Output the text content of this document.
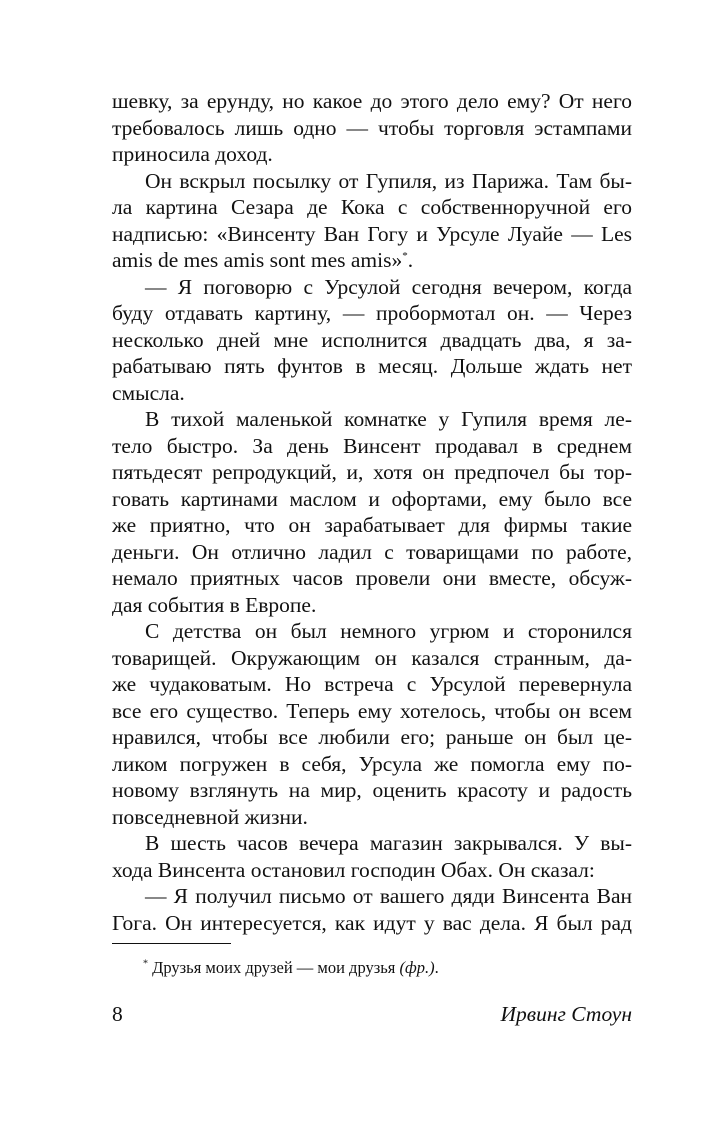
шевку, за ерунду, но какое до этого дело ему? От него
требовалось лишь одно — чтобы торговля эстампами
приносила доход.
Он вскрыл посылку от Гупиля, из Парижа. Там бы-
ла картина Сезара де Кока с собственноручной его
надписью: «Винсенту Ван Гогу и Урсуле Луайе — Les
amis de mes amis sont mes amis»*.
— Я поговорю с Урсулой сегодня вечером, когда
буду отдавать картину, — пробормотал он. — Через
несколько дней мне исполнится двадцать два, я за-
рабатываю пять фунтов в месяц. Дольше ждать нет
смысла.
В тихой маленькой комнатке у Гупиля время ле-
тело быстро. За день Винсент продавал в среднем
пятьдесят репродукций, и, хотя он предпочел бы тор-
говать картинами маслом и офортами, ему было все
же приятно, что он зарабатывает для фирмы такие
деньги. Он отлично ладил с товарищами по работе,
немало приятных часов провели они вместе, обсуж-
дая события в Европе.
С детства он был немного угрюм и сторонился
товарищей. Окружающим он казался странным, да-
же чудаковатым. Но встреча с Урсулой перевернула
все его существо. Теперь ему хотелось, чтобы он всем
нравился, чтобы все любили его; раньше он был це-
ликом погружен в себя, Урсула же помогла ему по-
новому взглянуть на мир, оценить красоту и радость
повседневной жизни.
В шесть часов вечера магазин закрывался. У вы-
хода Винсента остановил господин Обах. Он сказал:
— Я получил письмо от вашего дяди Винсента Ван
Гога. Он интересуется, как идут у вас дела. Я был рад
* Друзья моих друзей — мои друзья (фр.).
8	Ирвинг Стоун
